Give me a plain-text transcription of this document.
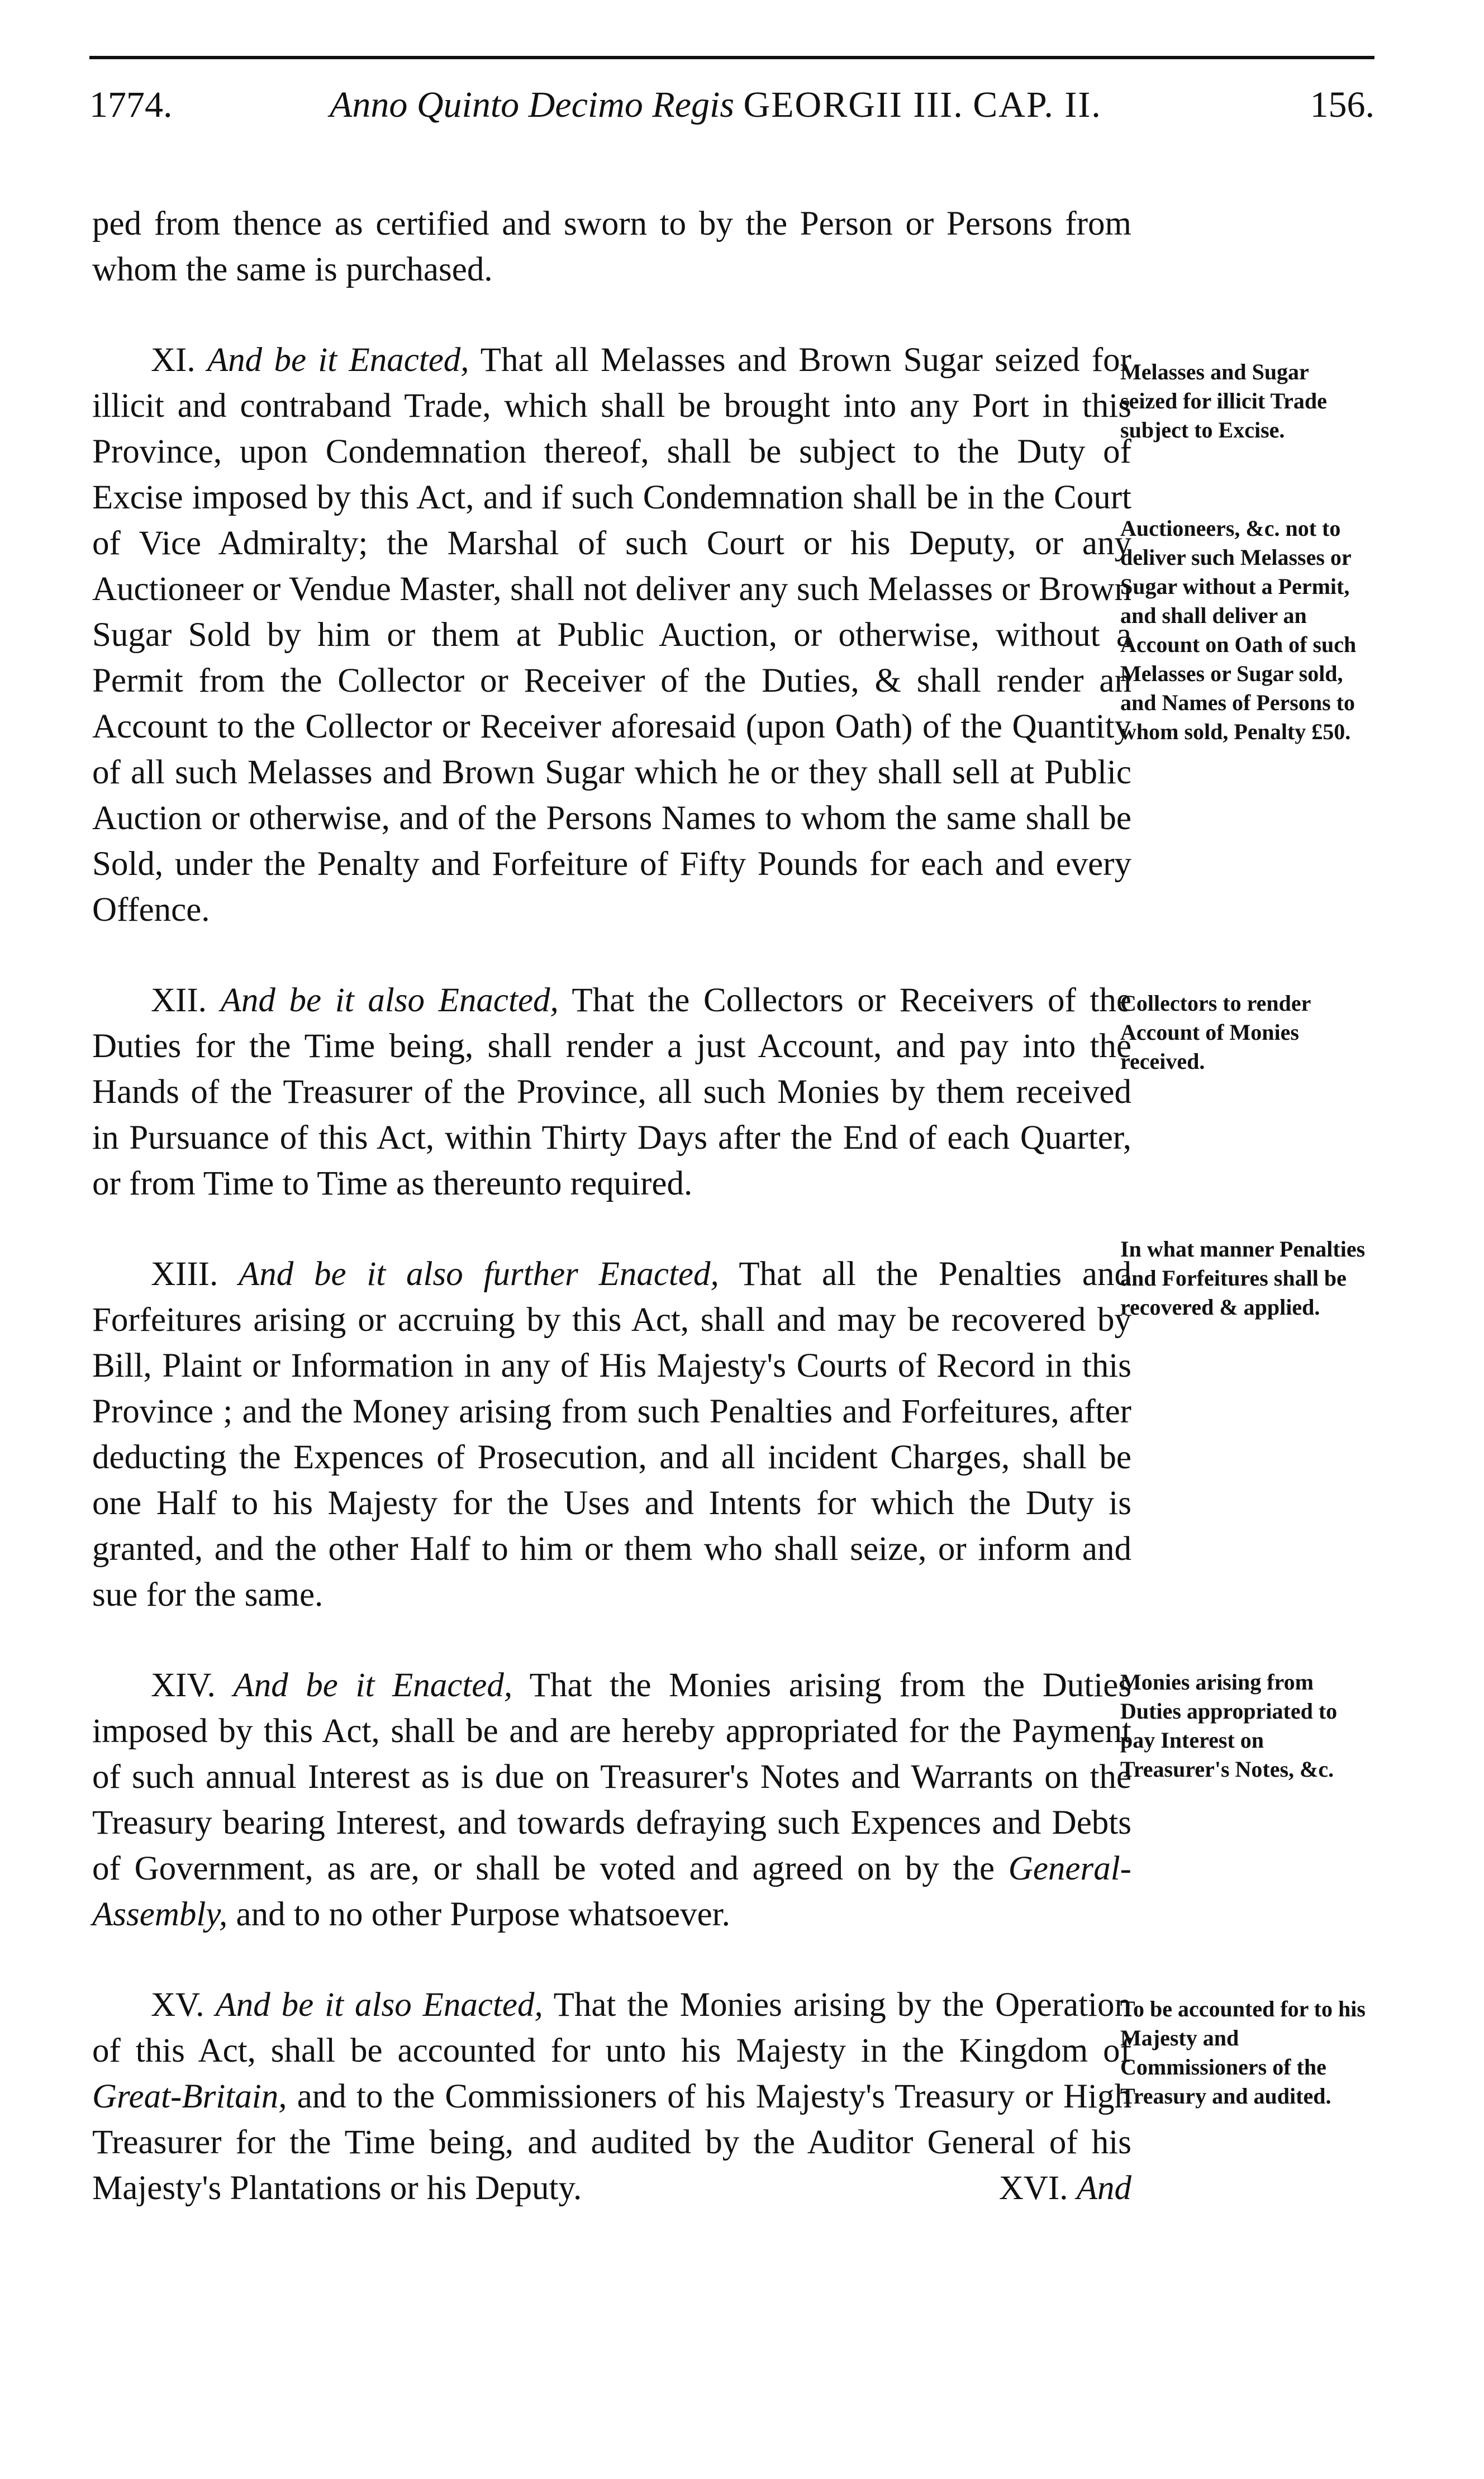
1774.	Anno Quinto Decimo Regis GEORGII III. CAP. II.	156.

ped from thence as certified and sworn to by the Person or Persons from whom the same is purchased.

XI. And be it Enacted, That all Melasses and Brown Sugar seized for illicit and contraband Trade, which shall be brought into any Port in this Province, upon Condemnation thereof, shall be subject to the Duty of Excise imposed by this Act, and if such Condemnation shall be in the Court of Vice Admiralty; the Marshal of such Court or his Deputy, or any Auctioneer or Vendue Master, shall not deliver any such Melasses or Brown Sugar Sold by him or them at Public Auction, or otherwise, without a Permit from the Collector or Receiver of the Duties, & shall render an Account to the Collector or Receiver aforesaid (upon Oath) of the Quantity of all such Melasses and Brown Sugar which he or they shall sell at Public Auction or otherwise, and of the Persons Names to whom the same shall be Sold, under the Penalty and Forfeiture of Fifty Pounds for each and every Offence.

XII. And be it also Enacted, That the Collectors or Receivers of the Duties for the Time being, shall render a just Account, and pay into the Hands of the Treasurer of the Province, all such Monies by them received in Pursuance of this Act, within Thirty Days after the End of each Quarter, or from Time to Time as thereunto required.

XIII. And be it also further Enacted, That all the Penalties and Forfeitures arising or accruing by this Act, shall and may be recovered by Bill, Plaint or Information in any of His Majesty's Courts of Record in this Province ; and the Money arising from such Penalties and Forfeitures, after deducting the Expences of Prosecution, and all incident Charges, shall be one Half to his Majesty for the Uses and Intents for which the Duty is granted, and the other Half to him or them who shall seize, or inform and sue for the same.

XIV. And be it Enacted, That the Monies arising from the Duties imposed by this Act, shall be and are hereby appropriated for the Payment of such annual Interest as is due on Treasurer's Notes and Warrants on the Treasury bearing Interest, and towards defraying such Expences and Debts of Government, as are, or shall be voted and agreed on by the General-Assembly, and to no other Purpose whatsoever.

XV. And be it also Enacted, That the Monies arising by the Operation of this Act, shall be accounted for unto his Majesty in the Kingdom of Great-Britain, and to the Commissioners of his Majesty's Treasury or High Treasurer for the Time being, and audited by the Auditor General of his Majesty's Plantations or his Deputy.	XVI. And
Melasses and Sugar seized for illicit Trade subject to Excise.
Auctioneers, &c. not to deliver such Melasses or Sugar without a Permit, and shall deliver an Account on Oath of such Melasses or Sugar sold, and Names of Persons to whom sold, Penalty £50.
Collectors to render Account of Monies received.
In what manner Penalties and Forfeitures shall be recovered & applied.
Monies arising from Duties appropriated to pay Interest on Treasurer's Notes, &c.
To be accounted for to his Majesty and Commissioners of the Treasury and audited.
